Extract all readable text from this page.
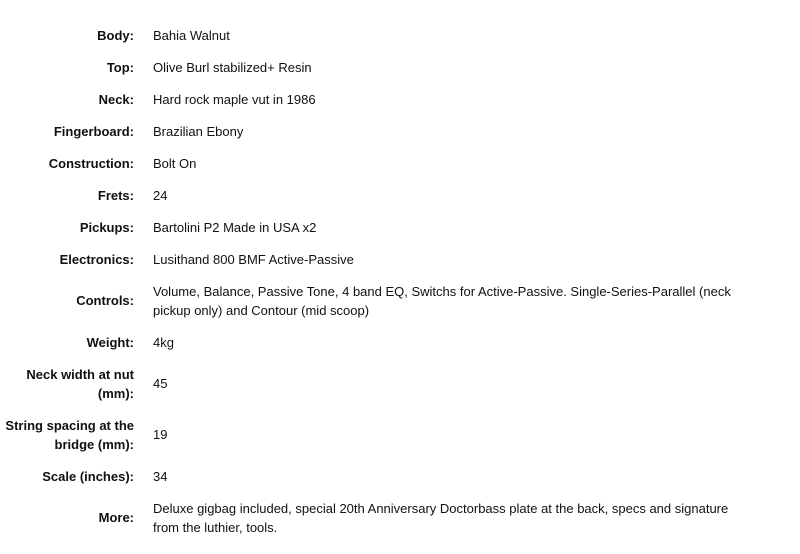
Body:	Bahia Walnut
Top:	Olive Burl stabilized+ Resin
Neck:	Hard rock maple vut in 1986
Fingerboard:	Brazilian Ebony
Construction:	Bolt On
Frets:	24
Pickups:	Bartolini P2 Made in USA x2
Electronics:	Lusithand 800 BMF Active-Passive
Controls:	Volume, Balance, Passive Tone, 4 band EQ, Switchs for Active-Passive. Single-Series-Parallel (neck pickup only) and Contour (mid scoop)
Weight:	4kg
Neck width at nut (mm):	45
String spacing at the bridge (mm):	19
Scale (inches):	34
More:	Deluxe gigbag included, special 20th Anniversary Doctorbass plate at the back, specs and signature from the luthier, tools.
